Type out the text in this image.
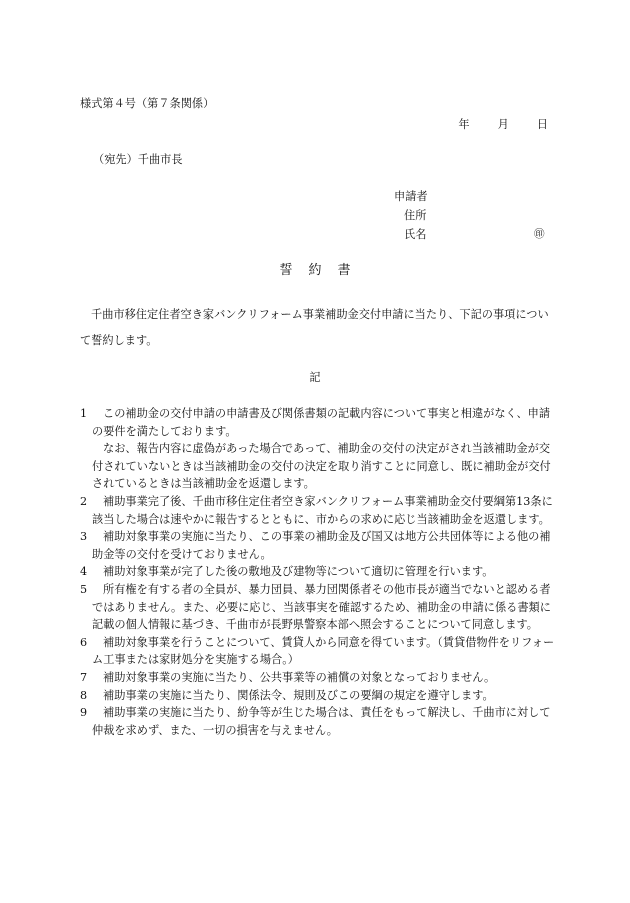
様式第４号（第７条関係）
年	月	日
（宛先）千曲市長
申請者
住所
氏名	㊞
誓約書
千曲市移住定住者空き家バンクリフォーム事業補助金交付申請に当たり、下記の事項について誓約します。
記
1	この補助金の交付申請の申請書及び関係書類の記載内容について事実と相違がなく、申請の要件を満たしております。
なお、報告内容に虚偽があった場合であって、補助金の交付の決定がされ当該補助金が交付されていないときは当該補助金の交付の決定を取り消すことに同意し、既に補助金が交付されているときは当該補助金を返還します。
2	補助事業完了後、千曲市移住定住者空き家バンクリフォーム事業補助金交付要綱第13条に該当した場合は速やかに報告するとともに、市からの求めに応じ当該補助金を返還します。
3	補助対象事業の実施に当たり、この事業の補助金及び国又は地方公共団体等による他の補助金等の交付を受けておりません。
4	補助対象事業が完了した後の敷地及び建物等について適切に管理を行います。
5	所有権を有する者の全員が、暴力団員、暴力団関係者その他市長が適当でないと認める者ではありません。また、必要に応じ、当該事実を確認するため、補助金の申請に係る書類に記載の個人情報に基づき、千曲市が長野県警察本部へ照会することについて同意します。
6	補助対象事業を行うことについて、賃貸人から同意を得ています。（賃貸借物件をリフォーム工事または家財処分を実施する場合。）
7	補助対象事業の実施に当たり、公共事業等の補償の対象となっておりません。
8	補助事業の実施に当たり、関係法令、規則及びこの要綱の規定を遵守します。
9	補助事業の実施に当たり、紛争等が生じた場合は、責任をもって解決し、千曲市に対して仲裁を求めず、また、一切の損害を与えません。
